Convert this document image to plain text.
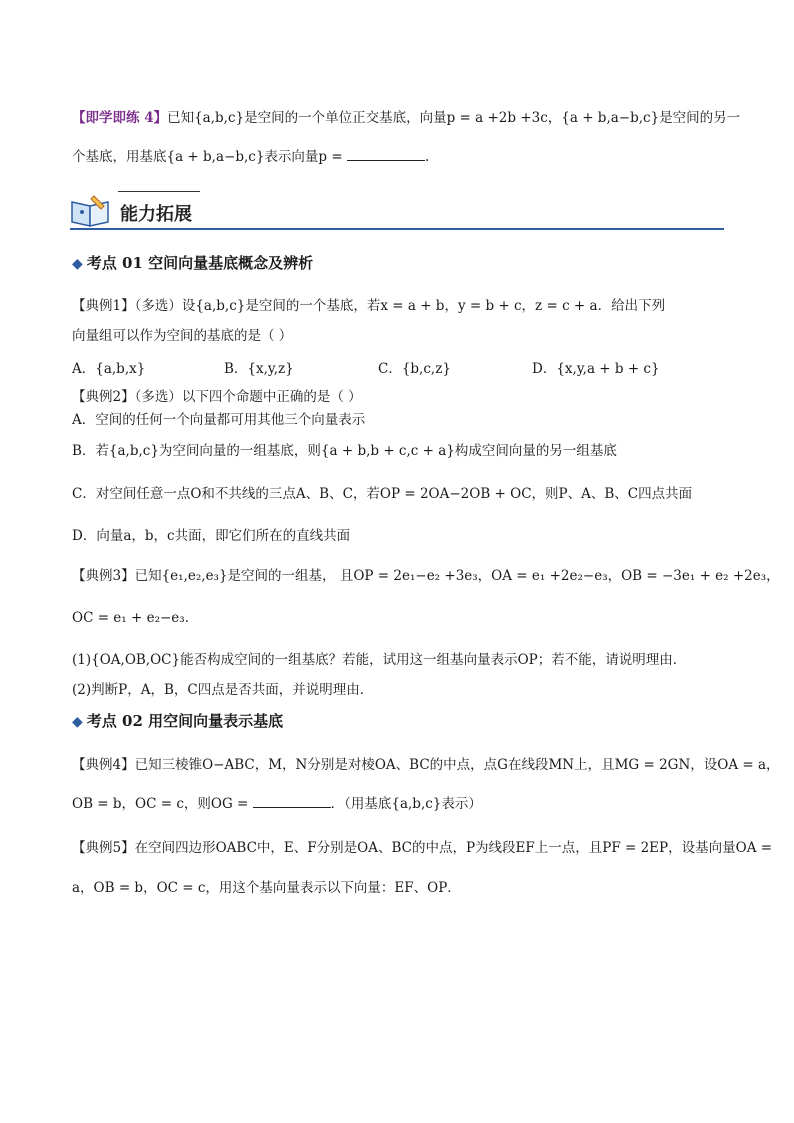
【即学即练 4】已知{a,b,c}是空间的一个单位正交基底，向量p = a +2b +3c，{a + b,a−b,c}是空间的另一
个基底，用基底{a + b,a−b,c}表示向量p =	.
能力拓展
◆ 考点 01 空间向量基底概念及辨析
【典例1】（多选）设{a,b,c}是空间的一个基底，若x = a + b，y = b + c，z = c + a．给出下列
向量组可以作为空间的基底的是（ ）
A．{a,b,x}	B．{x,y,z}	C．{b,c,z}	D．{x,y,a + b + c}
【典例2】（多选）以下四个命题中正确的是（ ）
A．空间的任何一个向量都可用其他三个向量表示
B．若{a,b,c}为空间向量的一组基底，则{a + b,b + c,c + a}构成空间向量的另一组基底
C．对空间任意一点O和不共线的三点A、B、C，若OP = 2OA−2OB + OC，则P、A、B、C四点共面
D．向量a，b，c共面，即它们所在的直线共面
【典例3】已知{e₁,e₂,e₃}是空间的一组基， 且OP = 2e₁−e₂ +3e₃，OA = e₁ +2e₂−e₃，OB = −3e₁ + e₂ +2e₃，
OC = e₁ + e₂−e₃．
(1){OA,OB,OC}能否构成空间的一组基底？若能，试用这一组基向量表示OP；若不能，请说明理由．
(2)判断P，A，B，C四点是否共面，并说明理由．
◆ 考点 02 用空间向量表示基底
【典例4】已知三棱锥O−ABC，M，N分别是对棱OA、BC的中点，点G在线段MN上，且MG = 2GN，设OA = a，
OB = b，OC = c，则OG =	．（用基底{a,b,c}表示）
【典例5】在空间四边形OABC中，E、F分别是OA、BC的中点，P为线段EF上一点，且PF = 2EP，设基向量OA =
a，OB = b，OC = c，用这个基向量表示以下向量：EF、OP．
